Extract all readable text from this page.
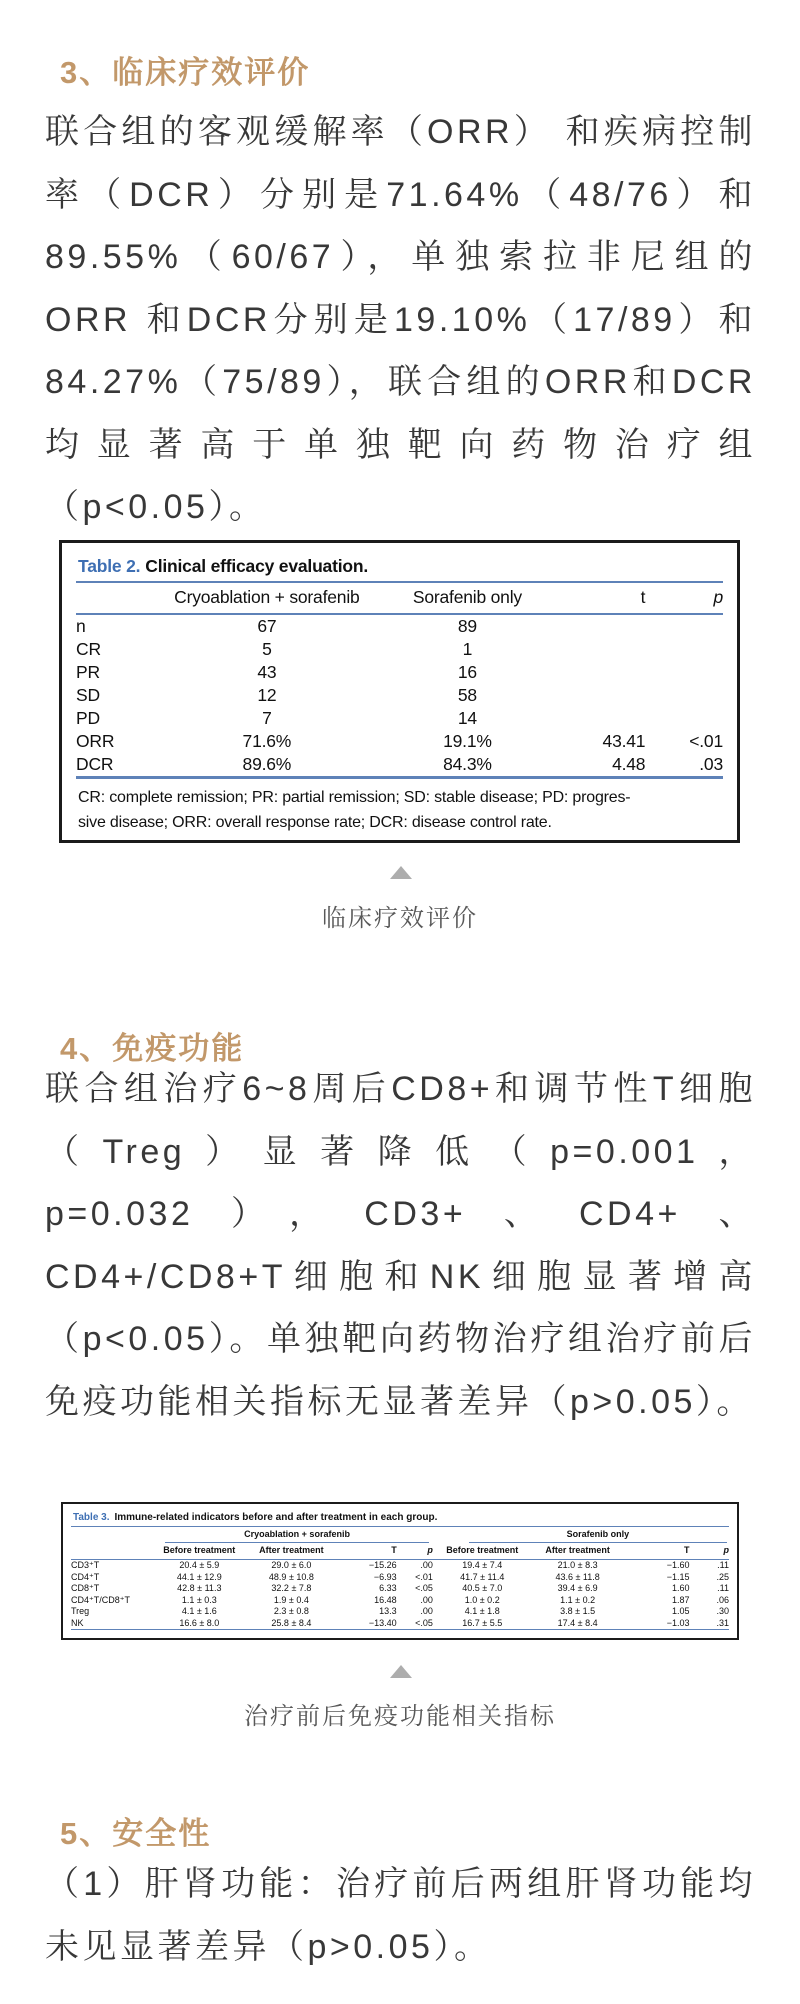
3、临床疗效评价

联合组的客观缓解率（ORR） 和疾病控制率（DCR）分别是71.64%（48/76）和89.55%（60/67），单独索拉非尼组的ORR 和DCR分别是19.10%（17/89）和84.27%（75/89），联合组的ORR和DCR均显著高于单独靶向药物治疗组（p<0.05）。

Table 2. Clinical efficacy evaluation.
	Cryoablation + sorafenib	Sorafenib only	t	p
n	67	89		
CR	5	1		
PR	43	16		
SD	12	58		
PD	7	14		
ORR	71.6%	19.1%	43.41	<.01
DCR	89.6%	84.3%	4.48	.03
CR: complete remission; PR: partial remission; SD: stable disease; PD: progres-
sive disease; ORR: overall response rate; DCR: disease control rate.
临床疗效评价
4、免疫功能

联合组治疗6~8周后CD8+和调节性T细胞（Treg）显著降低（p=0.001，p=0.032），CD3+、CD4+、CD4+/CD8+T细胞和NK细胞显著增高（p<0.05）。单独靶向药物治疗组治疗前后免疫功能相关指标无显著差异（p>0.05）。

Table 3. Immune-related indicators before and after treatment in each group.

	Cryoablation + sorafenib				Sorafenib only			

	Before treatment	After treatment	T	p	Before treatment	After treatment	T	p
CD3⁺T	20.4 ± 5.9	29.0 ± 6.0	−15.26	.00	19.4 ± 7.4	21.0 ± 8.3	−1.60	.11
CD4⁺T	44.1 ± 12.9	48.9 ± 10.8	−6.93	<.01	41.7 ± 11.4	43.6 ± 11.8	−1.15	.25
CD8⁺T	42.8 ± 11.3	32.2 ± 7.8	6.33	<.05	40.5 ± 7.0	39.4 ± 6.9	1.60	.11
CD4⁺T/CD8⁺T	1.1 ± 0.3	1.9 ± 0.4	16.48	.00	1.0 ± 0.2	1.1 ± 0.2	1.87	.06
Treg	4.1 ± 1.6	2.3 ± 0.8	13.3	.00	4.1 ± 1.8	3.8 ± 1.5	1.05	.30
NK	16.6 ± 8.0	25.8 ± 8.4	−13.40	<.05	16.7 ± 5.5	17.4 ± 8.4	−1.03	.31
治疗前后免疫功能相关指标
5、安全性

（1）肝肾功能：治疗前后两组肝肾功能均未见显著差异（p>0.05）。
